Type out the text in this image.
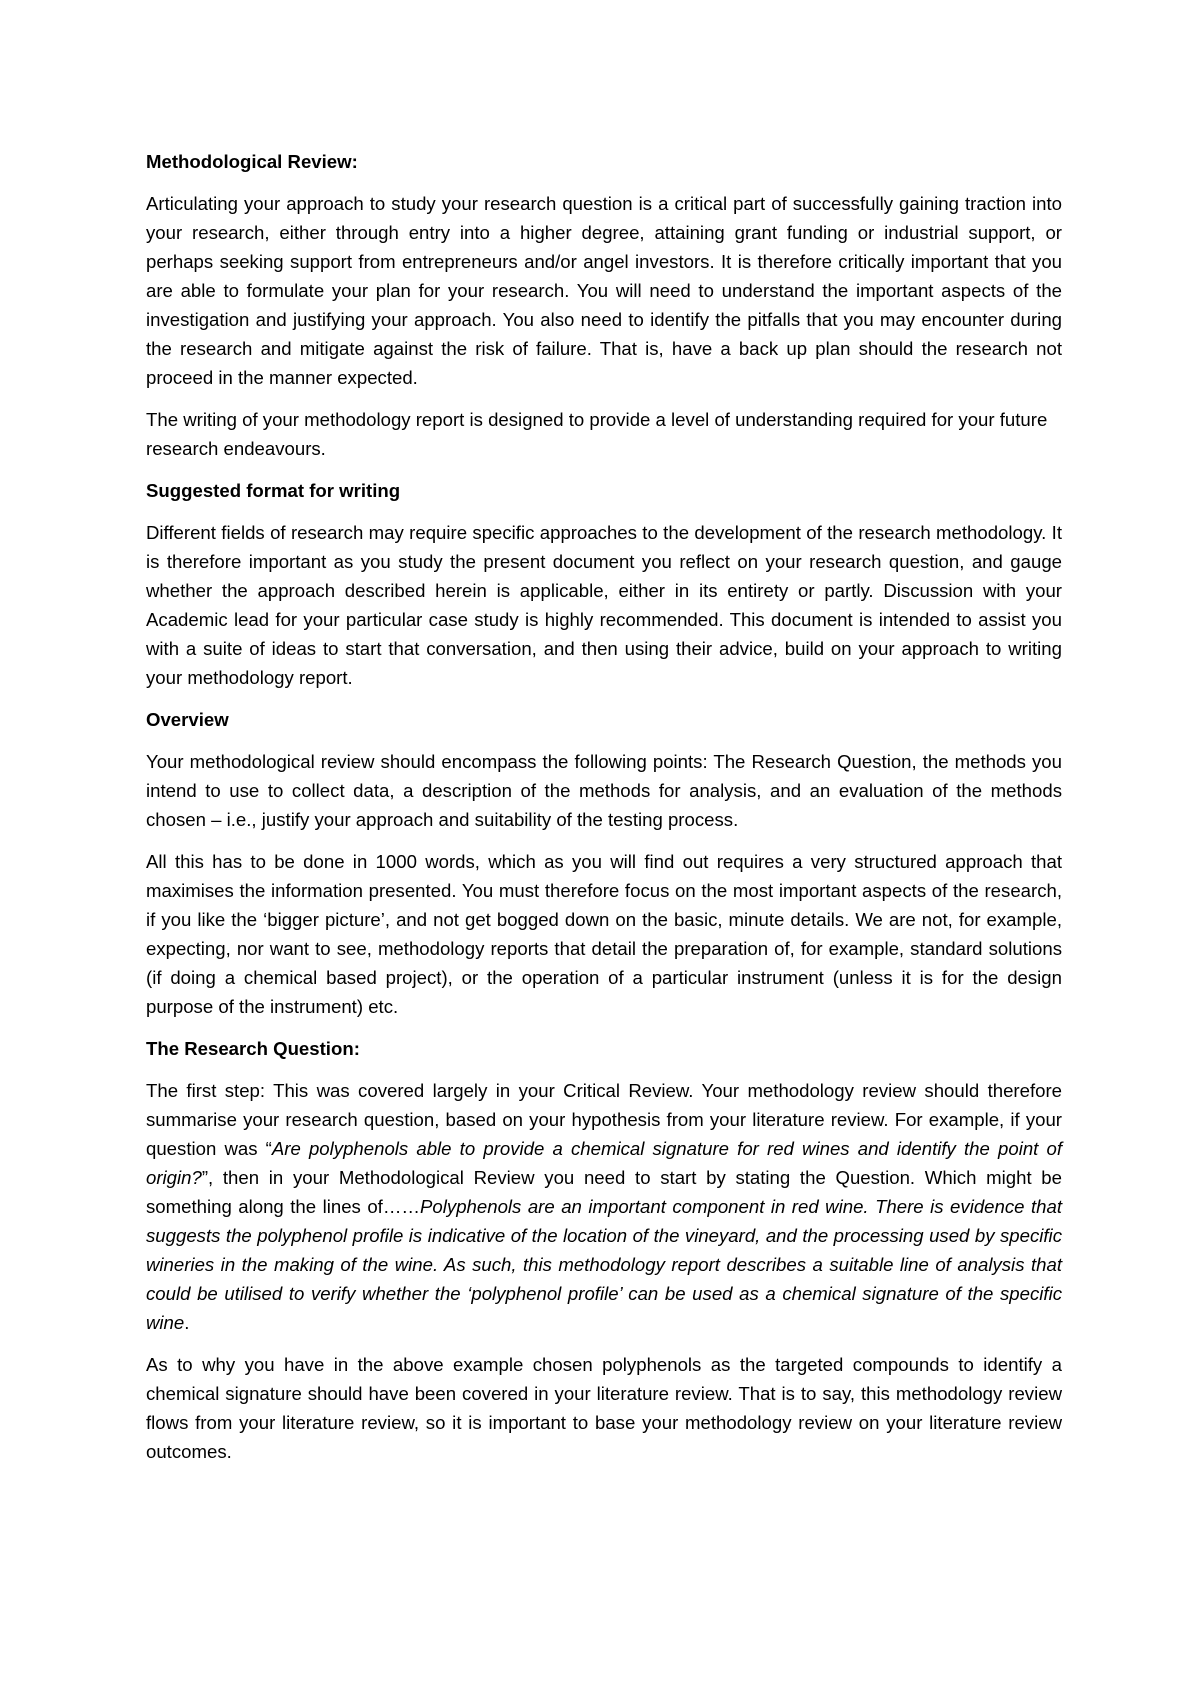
Methodological Review:

Articulating your approach to study your research question is a critical part of successfully gaining traction into your research, either through entry into a higher degree, attaining grant funding or industrial support, or perhaps seeking support from entrepreneurs and/or angel investors. It is therefore critically important that you are able to formulate your plan for your research. You will need to understand the important aspects of the investigation and justifying your approach. You also need to identify the pitfalls that you may encounter during the research and mitigate against the risk of failure. That is, have a back up plan should the research not proceed in the manner expected.

The writing of your methodology report is designed to provide a level of understanding required for your future research endeavours.

Suggested format for writing

Different fields of research may require specific approaches to the development of the research methodology. It is therefore important as you study the present document you reflect on your research question, and gauge whether the approach described herein is applicable, either in its entirety or partly. Discussion with your Academic lead for your particular case study is highly recommended. This document is intended to assist you with a suite of ideas to start that conversation, and then using their advice, build on your approach to writing your methodology report.

Overview

Your methodological review should encompass the following points: The Research Question, the methods you intend to use to collect data, a description of the methods for analysis, and an evaluation of the methods chosen – i.e., justify your approach and suitability of the testing process.

All this has to be done in 1000 words, which as you will find out requires a very structured approach that maximises the information presented. You must therefore focus on the most important aspects of the research, if you like the ‘bigger picture’, and not get bogged down on the basic, minute details. We are not, for example, expecting, nor want to see, methodology reports that detail the preparation of, for example, standard solutions (if doing a chemical based project), or the operation of a particular instrument (unless it is for the design purpose of the instrument) etc.

The Research Question:

The first step: This was covered largely in your Critical Review. Your methodology review should therefore summarise your research question, based on your hypothesis from your literature review. For example, if your question was “Are polyphenols able to provide a chemical signature for red wines and identify the point of origin?”, then in your Methodological Review you need to start by stating the Question. Which might be something along the lines of……Polyphenols are an important component in red wine. There is evidence that suggests the polyphenol profile is indicative of the location of the vineyard, and the processing used by specific wineries in the making of the wine. As such, this methodology report describes a suitable line of analysis that could be utilised to verify whether the ‘polyphenol profile’ can be used as a chemical signature of the specific wine.

As to why you have in the above example chosen polyphenols as the targeted compounds to identify a chemical signature should have been covered in your literature review. That is to say, this methodology review flows from your literature review, so it is important to base your methodology review on your literature review outcomes.
